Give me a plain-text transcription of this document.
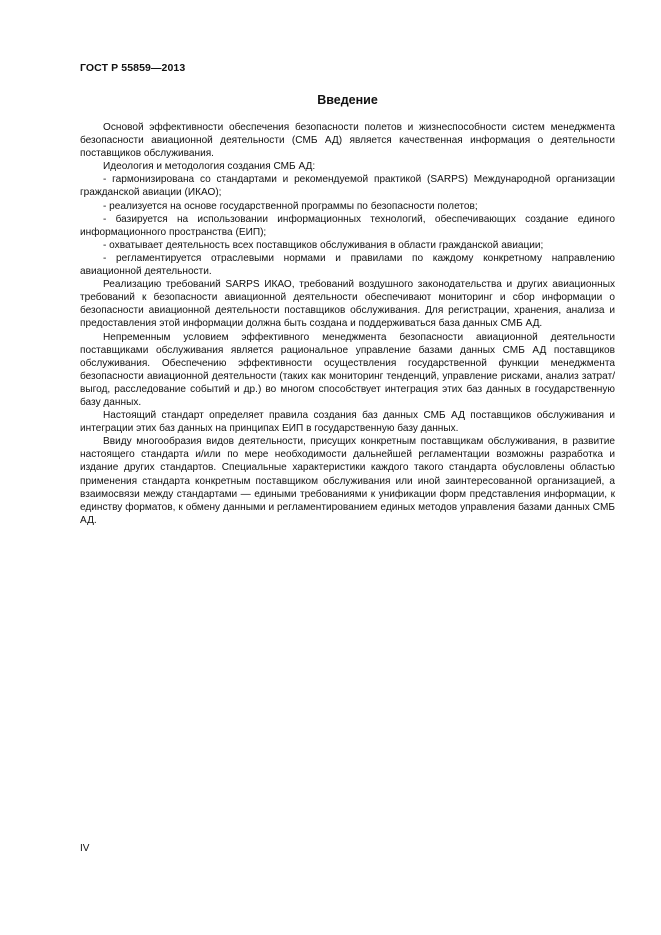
ГОСТ Р 55859—2013
Введение

Основой эффективности обеспечения безопасности полетов и жизнеспособности систем менеджмента безопасности авиационной деятельности (СМБ АД) является качественная информация о деятельности поставщиков обслуживания.

Идеология и методология создания СМБ АД:

- гармонизирована со стандартами и рекомендуемой практикой (SARPS) Международной организации гражданской авиации (ИКАО);

- реализуется на основе государственной программы по безопасности полетов;

- базируется на использовании информационных технологий, обеспечивающих создание единого информационного пространства (ЕИП);

- охватывает деятельность всех поставщиков обслуживания в области гражданской авиации;

- регламентируется отраслевыми нормами и правилами по каждому конкретному направлению авиационной деятельности.

Реализацию требований SARPS ИКАО, требований воздушного законодательства и других авиационных требований к безопасности авиационной деятельности обеспечивают мониторинг и сбор информации о безопасности авиационной деятельности поставщиков обслуживания. Для регистрации, хранения, анализа и предоставления этой информации должна быть создана и поддерживаться база данных СМБ АД.

Непременным условием эффективного менеджмента безопасности авиационной деятельности поставщиками обслуживания является рациональное управление базами данных СМБ АД поставщиков обслуживания. Обеспечению эффективности осуществления государственной функции менеджмента безопасности авиационной деятельности (таких как мониторинг тенденций, управление рисками, анализ затрат/выгод, расследование событий и др.) во многом способствует интеграция этих баз данных в государственную базу данных.

Настоящий стандарт определяет правила создания баз данных СМБ АД поставщиков обслуживания и интеграции этих баз данных на принципах ЕИП в государственную базу данных.

Ввиду многообразия видов деятельности, присущих конкретным поставщикам обслуживания, в развитие настоящего стандарта и/или по мере необходимости дальнейшей регламентации возможны разработка и издание других стандартов. Специальные характеристики каждого такого стандарта обусловлены областью применения стандарта конкретным поставщиком обслуживания или иной заинтересованной организацией, а взаимосвязи между стандартами — едиными требованиями к унификации форм представления информации, к единству форматов, к обмену данными и регламентированием единых методов управления базами данных СМБ АД.

IV
